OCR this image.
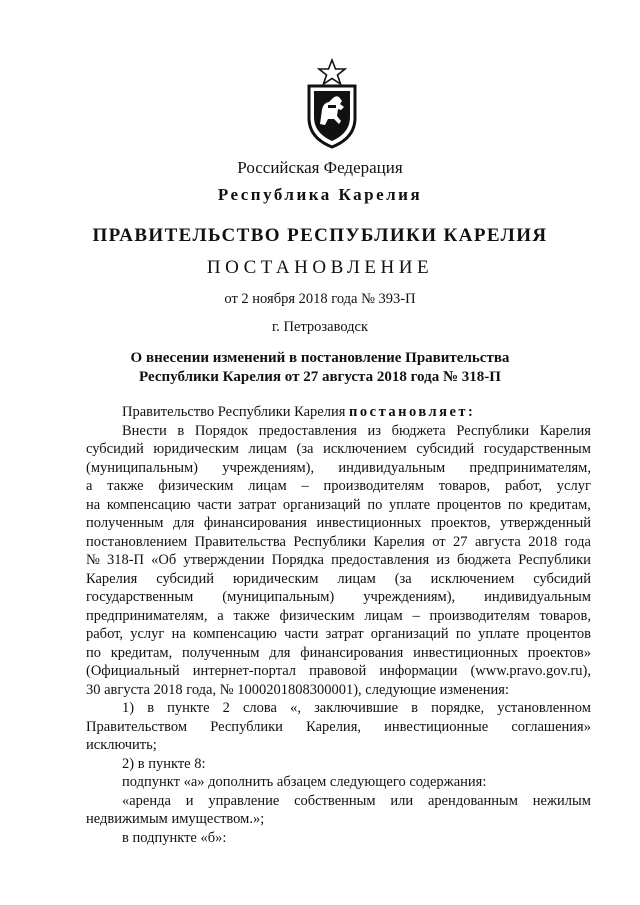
Российская Федерация
Республика Карелия
ПРАВИТЕЛЬСТВО РЕСПУБЛИКИ КАРЕЛИЯ
ПОСТАНОВЛЕНИЕ
от 2 ноября 2018 года № 393-П
г. Петрозаводск
О внесении изменений в постановление Правительства
Республики Карелия от 27 августа 2018 года № 318-П
Правительство Республики Карелия
постановляет:
Внести в Порядок предоставления из бюджета Республики Карелия
субсидий юридическим лицам (за исключением субсидий государственным
(муниципальным) учреждениям), индивидуальным предпринимателям,
а также физическим лицам – производителям товаров, работ, услуг
на компенсацию части затрат организаций по уплате процентов по кредитам,
полученным для финансирования инвестиционных проектов, утвержденный
постановлением Правительства Республики Карелия от 27 августа 2018 года
№ 318-П «Об утверждении Порядка предоставления из бюджета Республики
Карелия субсидий юридическим лицам (за исключением субсидий
государственным (муниципальным) учреждениям), индивидуальным
предпринимателям, а также физическим лицам – производителям товаров,
работ, услуг на компенсацию части затрат организаций по уплате процентов
по кредитам, полученным для финансирования инвестиционных проектов»
(Официальный интернет-портал правовой информации (www.pravo.gov.ru),
30
августа
2018
года,
№
1000201808300001),
следующие
изменения:
1) в пункте 2 слова «, заключившие в порядке, установленном
Правительством Республики Карелия, инвестиционные соглашения»
исключить;
2)
в
пункте
8:
подпункт
«а»
дополнить
абзацем
следующего
содержания:
«аренда и управление собственным или арендованным нежилым
недвижимым
имуществом.»;
в
подпункте
«б»:
